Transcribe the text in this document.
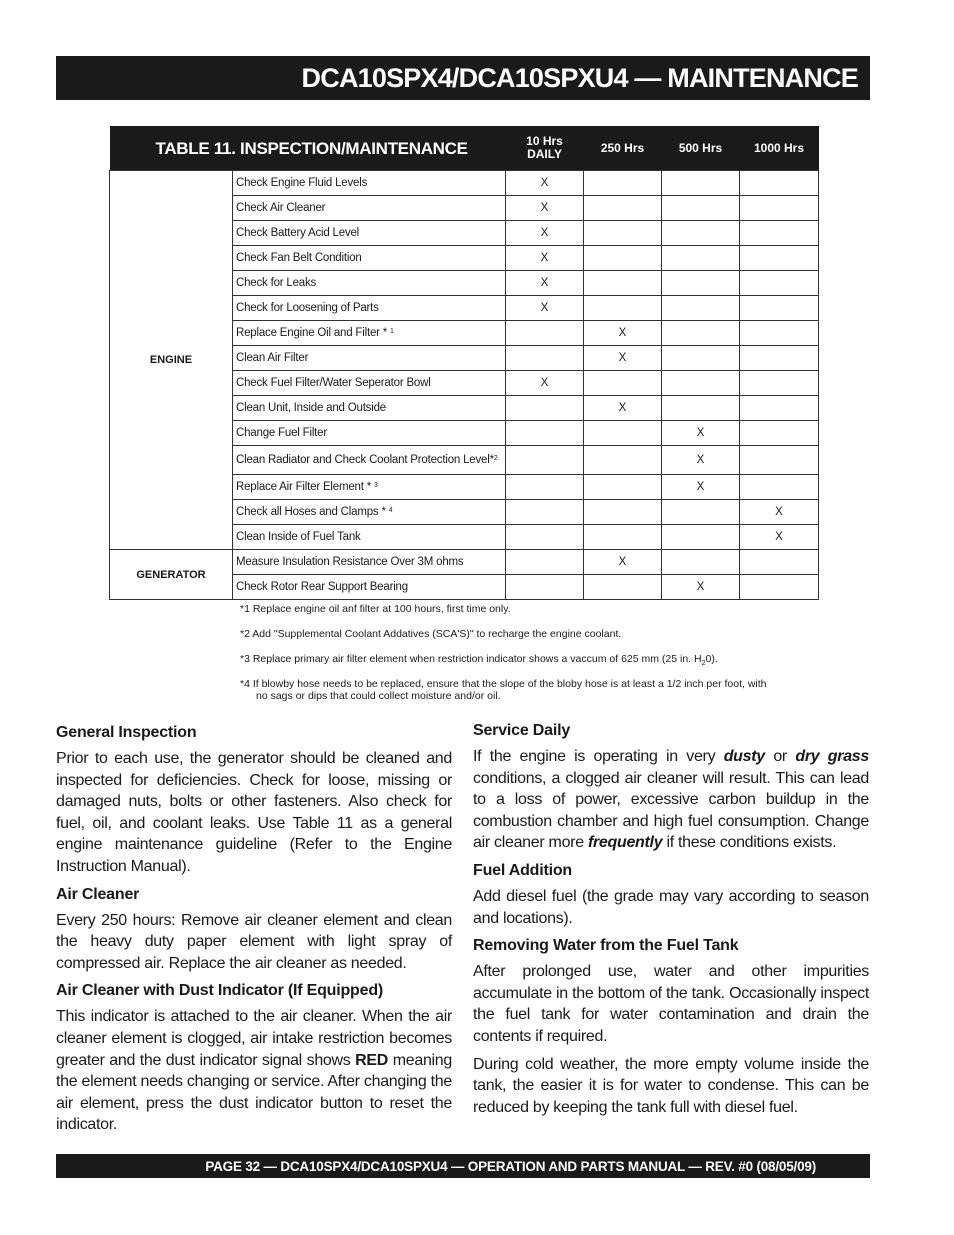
DCA10SPX4/DCA10SPXU4 — MAINTENANCE
TABLE 11. INSPECTION/MAINTENANCE		10 Hrs
DAILY	250 Hrs	500 Hrs	1000 Hrs
ENGINE	Check Engine Fluid Levels	X			
	Check Air Cleaner	X			
	Check Battery Acid Level	X			
	Check Fan Belt Condition	X			
	Check for Leaks	X			
	Check for Loosening of Parts	X			
	Replace Engine Oil and Filter * $^1$		X		
	Clean Air Filter		X		
	Check Fuel Filter/Water Seperator Bowl	X			
	Clean Unit, Inside and Outside		X		
	Change Fuel Filter			X	
	Clean Radiator and Check Coolant Protection Level*$^2$			X	
	Replace Air Filter Element * $^3$			X	
	Check all Hoses and Clamps * $^4$				X
	Clean Inside of Fuel Tank				X
GENERATOR	Measure Insulation Resistance Over 3M ohms		X		
	Check Rotor Rear Support Bearing			X	
*1 Replace engine oil anf filter at 100 hours, first time only.
*2 Add "Supplemental Coolant Addatives (SCA'S)" to recharge the engine coolant.
*3 Replace primary air filter element when restriction indicator shows a vaccum of 625 mm (25 in. $H_20$).
*4 If blowby hose needs to be replaced, ensure that the slope of the bloby hose is at least a 1/2 inch per foot, with
no sags or dips that could collect moisture and/or oil.
General Inspection

Prior to each use, the generator should be cleaned and inspected for deficiencies. Check for loose, missing or damaged nuts, bolts or other fasteners. Also check for fuel, oil, and coolant leaks. Use Table 11 as a general engine maintenance guideline (Refer to the Engine Instruction Manual).

Air Cleaner

Every 250 hours: Remove air cleaner element and clean the heavy duty paper element with light spray of compressed air. Replace the air cleaner as needed.

Air Cleaner with Dust Indicator (If Equipped)

This indicator is attached to the air cleaner. When the air cleaner element is clogged, air intake restriction becomes greater and the dust indicator signal shows RED meaning the element needs changing or service. After changing the air element, press the dust indicator button to reset the indicator.

Service Daily

If the engine is operating in very dusty or dry grass conditions, a clogged air cleaner will result. This can lead to a loss of power, excessive carbon buildup in the combustion chamber and high fuel consumption. Change air cleaner more frequently if these conditions exists.

Fuel Addition

Add diesel fuel (the grade may vary according to season and locations).

Removing Water from the Fuel Tank

After prolonged use, water and other impurities accumulate in the bottom of the tank. Occasionally inspect the fuel tank for water contamination and drain the contents if required.

During cold weather, the more empty volume inside the tank, the easier it is for water to condense. This can be reduced by keeping the tank full with diesel fuel.

PAGE 32 — DCA10SPX4/DCA10SPXU4 — OPERATION AND PARTS MANUAL — REV. #0 (08/05/09)
